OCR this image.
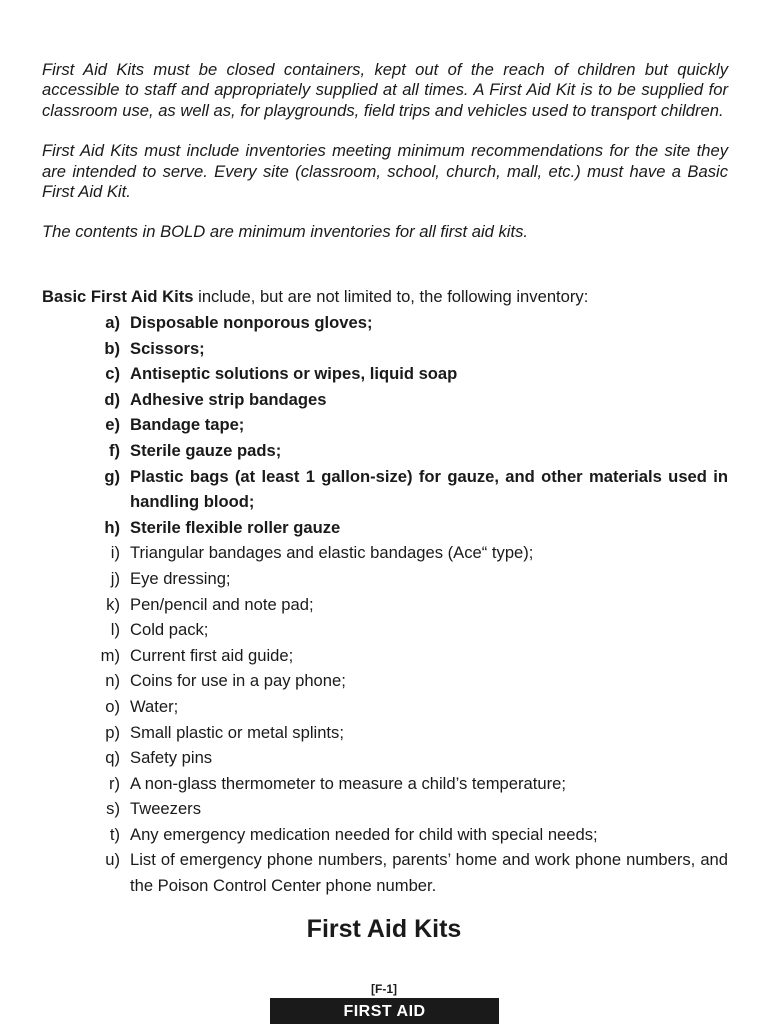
First Aid Kits must be closed containers, kept out of the reach of children but quickly accessible to staff and appropriately supplied at all times. A First Aid Kit is to be supplied for classroom use, as well as, for playgrounds, field trips and vehicles used to transport children.

First Aid Kits must include inventories meeting minimum recommendations for the site they are intended to serve. Every site (classroom, school, church, mall, etc.) must have a Basic First Aid Kit.

The contents in BOLD are minimum inventories for all first aid kits.

Basic First Aid Kits include, but are not limited to, the following inventory:

a) Disposable nonporous gloves;
b) Scissors;
c) Antiseptic solutions or wipes, liquid soap
d) Adhesive strip bandages
e) Bandage tape;
f) Sterile gauze pads;
g) Plastic bags (at least 1 gallon-size) for gauze, and other materials used in handling blood;
h) Sterile flexible roller gauze
i) Triangular bandages and elastic bandages (Ace“ type);
j) Eye dressing;
k) Pen/pencil and note pad;
l) Cold pack;
m) Current first aid guide;
n) Coins for use in a pay phone;
o) Water;
p) Small plastic or metal splints;
q) Safety pins
r) A non-glass thermometer to measure a child’s temperature;
s) Tweezers
t) Any emergency medication needed for child with special needs;
u) List of emergency phone numbers, parents’ home and work phone numbers, and the Poison Control Center phone number.
First Aid Kits
[F-1]
FIRST AID
